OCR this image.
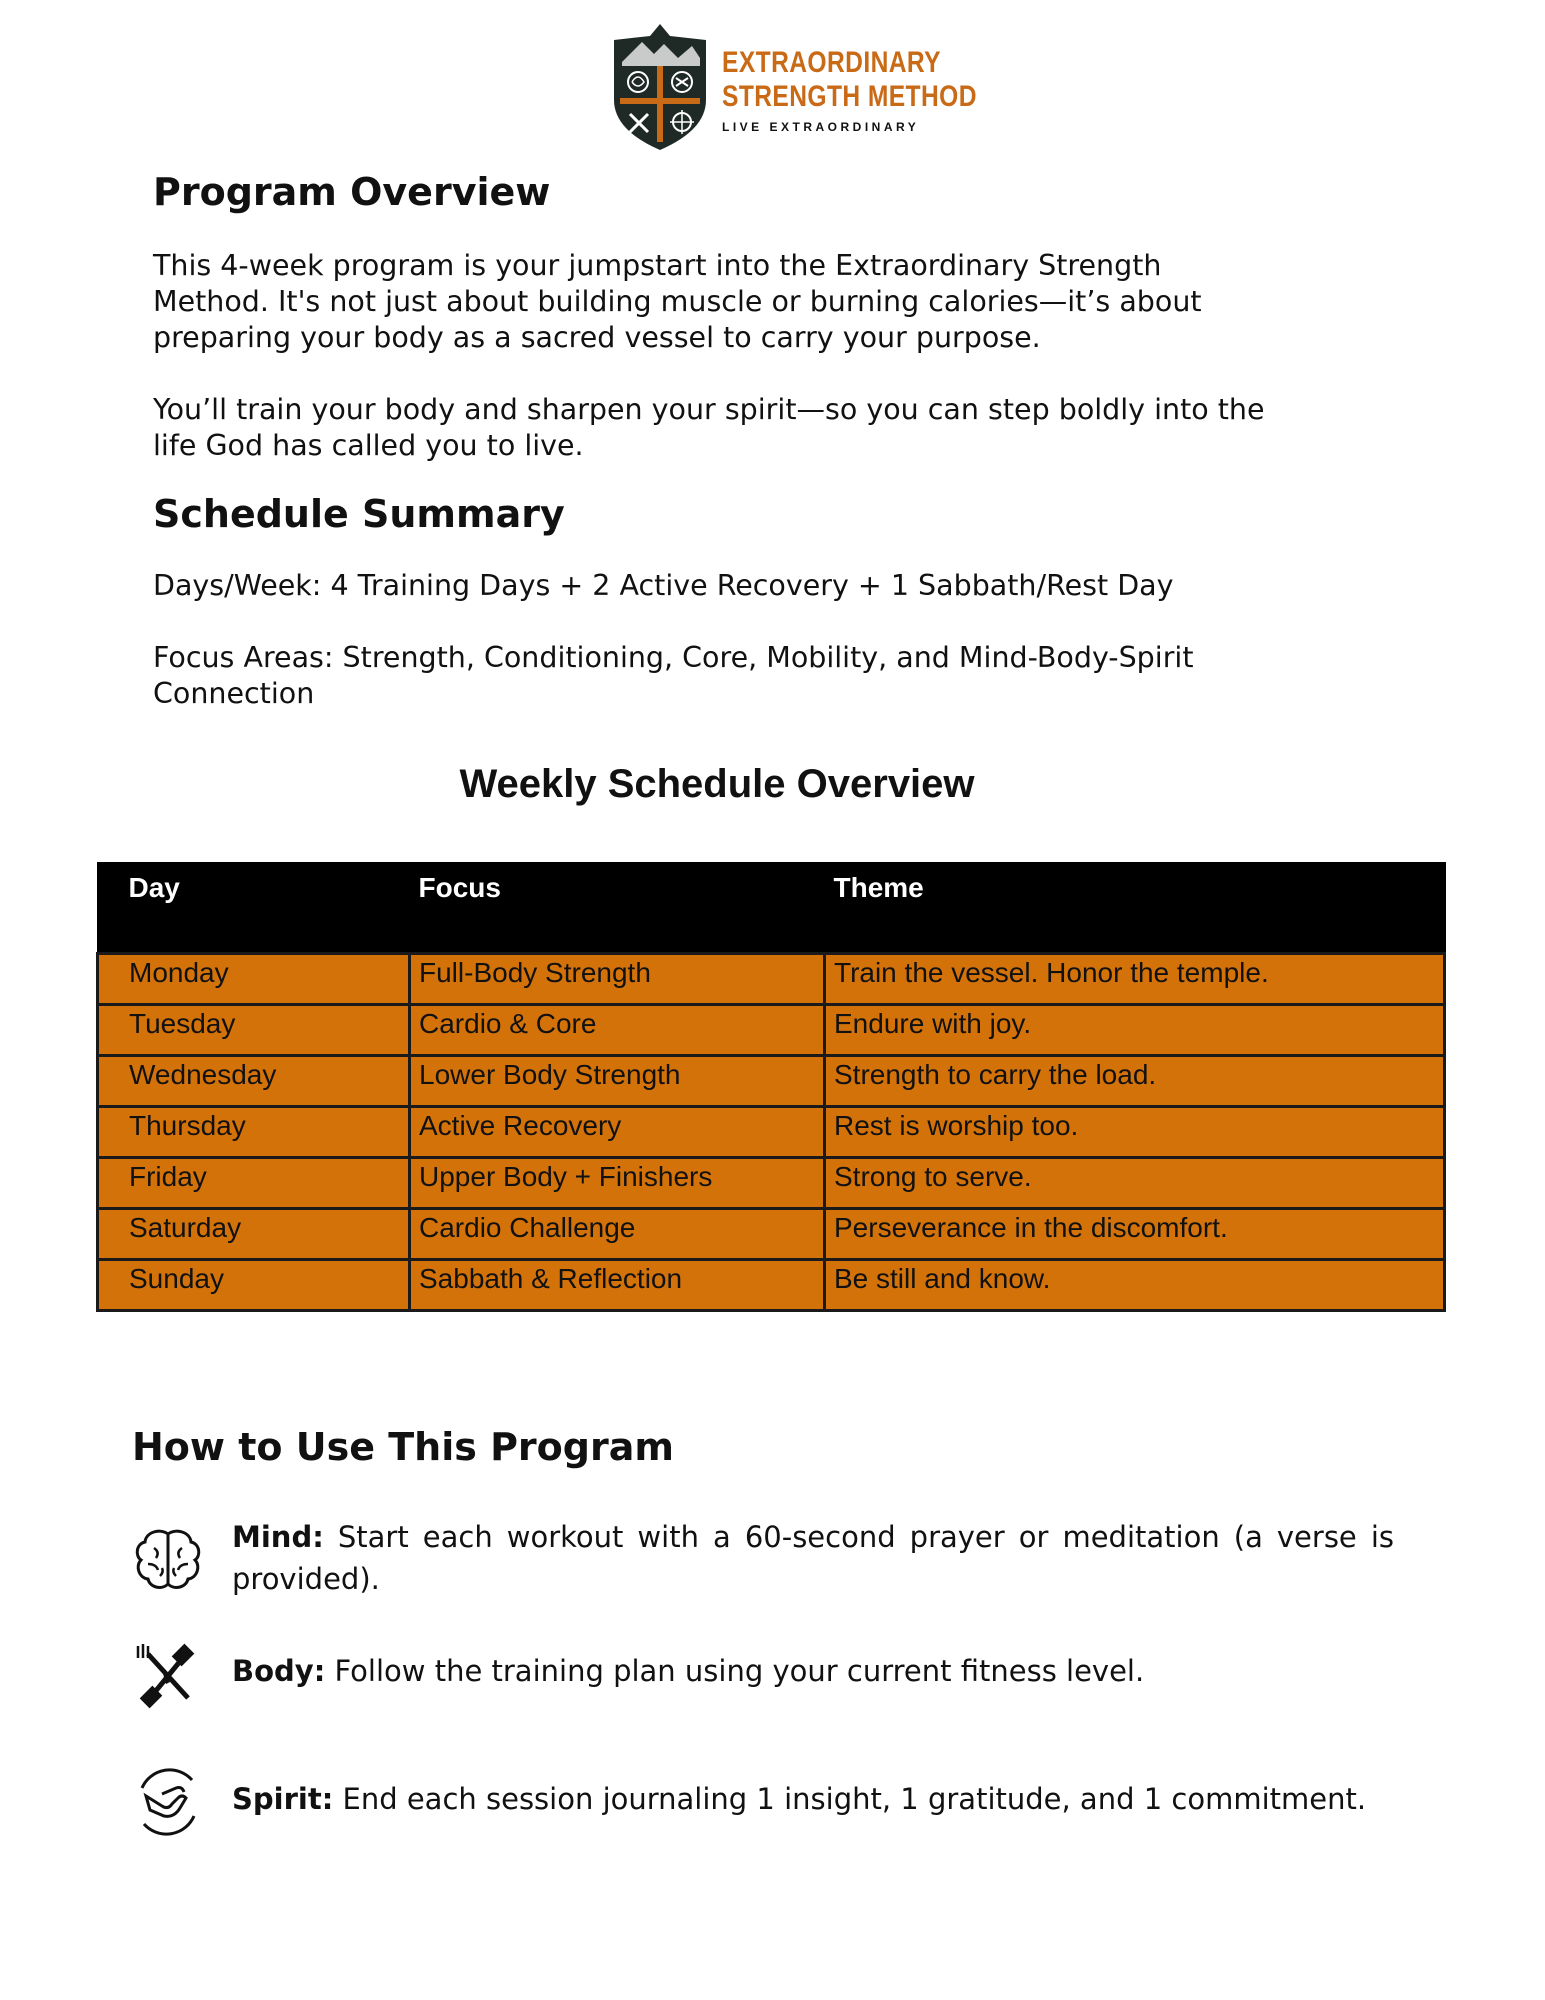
EXTRAORDINARY
STRENGTH METHOD
LIVE EXTRAORDINARY
Program Overview
This 4-week program is your jumpstart into the Extraordinary Strength
Method. It's not just about building muscle or burning calories—it’s about
preparing your body as a sacred vessel to carry your purpose.
You’ll train your body and sharpen your spirit—so you can step boldly into the
life God has called you to live.
Schedule Summary
Days/Week: 4 Training Days + 2 Active Recovery + 1 Sabbath/Rest Day
Focus Areas: Strength, Conditioning, Core, Mobility, and Mind-Body-Spirit
Connection
Weekly Schedule Overview
Day	Focus	Theme
Monday	Full-Body Strength	Train the vessel. Honor the temple.
Tuesday	Cardio & Core	Endure with joy.
Wednesday	Lower Body Strength	Strength to carry the load.
Thursday	Active Recovery	Rest is worship too.
Friday	Upper Body + Finishers	Strong to serve.
Saturday	Cardio Challenge	Perseverance in the discomfort.
Sunday	Sabbath & Reflection	Be still and know.
How to Use This Program
Mind: Start each workout with a 60-second prayer or meditation (a verse is provided).
Body: Follow the training plan using your current fitness level.
Spirit: End each session journaling 1 insight, 1 gratitude, and 1 commitment.
